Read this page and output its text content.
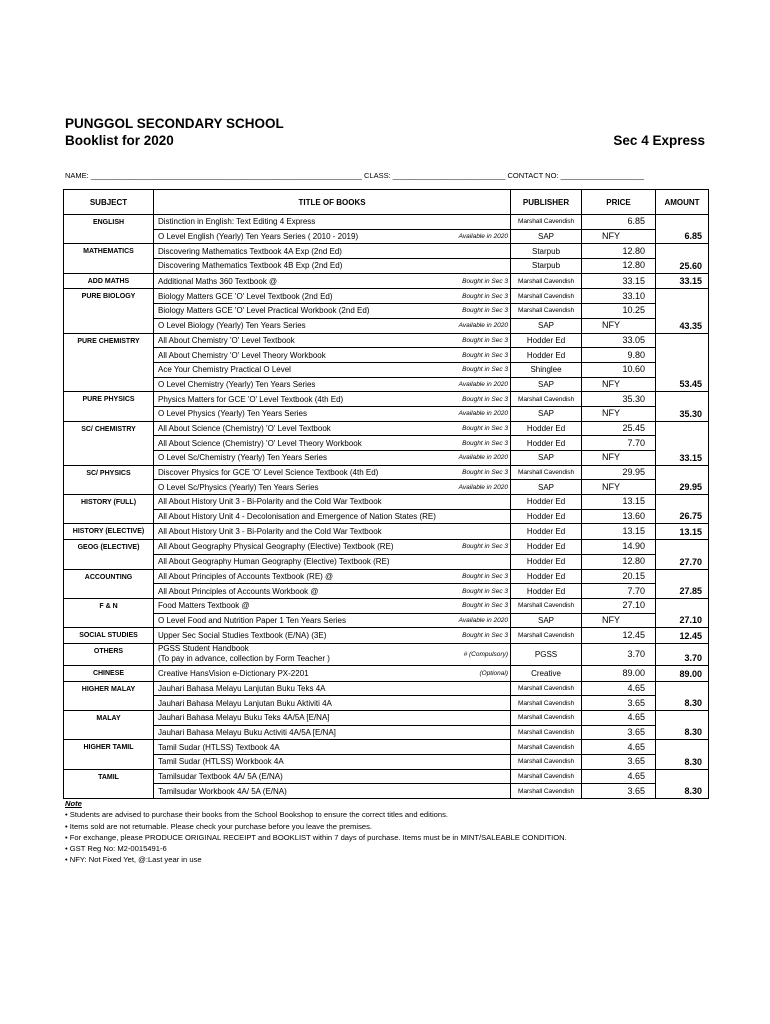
PUNGGOL SECONDARY SCHOOL
Booklist for 2020	Sec 4 Express
NAME: _________________________________________________________________ CLASS: ___________________________ CONTACT NO: ____________________
SUBJECT	TITLE OF BOOKS		PUBLISHER	PRICE	AMOUNT
ENGLISH	Distinction in English: Text Editing 4 Express		Marshall Cavendish	6.85	6.85
	O Level English (Yearly) Ten Years Series ( 2010 - 2019)	Available in 2020	SAP	NFY	

MATHEMATICS	Discovering Mathematics Textbook 4A Exp (2nd Ed)		Starpub	12.80	25.60
	Discovering Mathematics Textbook 4B Exp (2nd Ed)		Starpub	12.80	
ADD MATHS	Additional Maths 360 Textbook @	Bought in Sec 3	Marshall Cavendish	33.15	33.15
PURE BIOLOGY	Biology Matters GCE 'O' Level Textbook (2nd Ed)	Bought in Sec 3	Marshall Cavendish	33.10	43.35
	Biology Matters GCE 'O' Level Practical Workbook (2nd Ed)	Bought in Sec 3	Marshall Cavendish	10.25	
	O Level Biology (Yearly) Ten Years Series	Available in 2020	SAP	NFY	

PURE CHEMISTRY	All About Chemistry 'O' Level Textbook	Bought in Sec 3	Hodder Ed	33.05	53.45
	All About Chemistry 'O' Level Theory Workbook	Bought in Sec 3	Hodder Ed	9.80	
	Ace Your Chemistry Practical O Level	Bought in Sec 3	Shinglee	10.60	
	O Level Chemistry (Yearly) Ten Years Series	Available in 2020	SAP	NFY	

PURE PHYSICS	Physics Matters for GCE 'O' Level Textbook (4th Ed)	Bought in Sec 3	Marshall Cavendish	35.30	35.30
	O Level Physics (Yearly) Ten Years Series	Available in 2020	SAP	NFY	

SC/ CHEMISTRY	All About Science (Chemistry) 'O' Level Textbook	Bought in Sec 3	Hodder Ed	25.45	33.15
	All About Science (Chemistry) 'O' Level Theory Workbook	Bought in Sec 3	Hodder Ed	7.70	
	O Level Sc/Chemistry (Yearly) Ten Years Series	Available in 2020	SAP	NFY	

SC/ PHYSICS	Discover Physics for GCE 'O' Level Science Textbook (4th Ed)	Bought in Sec 3	Marshall Cavendish	29.95	29.95
	O Level Sc/Physics (Yearly) Ten Years Series	Available in 2020	SAP	NFY	

HISTORY (FULL)	All About History Unit 3 - Bi-Polarity and the Cold War Textbook		Hodder Ed	13.15	26.75
	All About History Unit 4 - Decolonisation and Emergence of Nation States (RE)		Hodder Ed	13.60	
HISTORY (ELECTIVE)	All About History Unit 3 - Bi-Polarity and the Cold War Textbook		Hodder Ed	13.15	13.15
GEOG (ELECTIVE)	All About Geography Physical Geography (Elective) Textbook (RE)	Bought in Sec 3	Hodder Ed	14.90	27.70
	All About Geography Human Geography (Elective) Textbook (RE)		Hodder Ed	12.80	
ACCOUNTING	All About Principles of Accounts Textbook (RE) @	Bought in Sec 3	Hodder Ed	20.15	27.85
	All About Principles of Accounts Workbook @	Bought in Sec 3	Hodder Ed	7.70	
F & N	Food Matters Textbook @	Bought in Sec 3	Marshall Cavendish	27.10	27.10
	O Level Food and Nutrition Paper 1 Ten Years Series	Available in 2020	SAP	NFY	

SOCIAL STUDIES	Upper Sec Social Studies Textbook (E/NA) (3E)	Bought in Sec 3	Marshall Cavendish	12.45	12.45
OTHERS	PGSS Student Handbook
(To pay in advance, collection by Form Teacher )	# (Compulsory)	PGSS	3.70	3.70
CHINESE	Creative HansVision e-Dictionary PX-2201	(Optional)	Creative	89.00	89.00
HIGHER MALAY	Jauhari Bahasa Melayu Lanjutan Buku Teks 4A		Marshall Cavendish	4.65	8.30
	Jauhari Bahasa Melayu Lanjutan Buku Aktiviti 4A		Marshall Cavendish	3.65	
MALAY	Jauhari Bahasa Melayu Buku Teks 4A/5A [E/NA]		Marshall Cavendish	4.65	8.30
	Jauhari Bahasa Melayu Buku Activiti 4A/5A [E/NA]		Marshall Cavendish	3.65	
HIGHER TAMIL	Tamil Sudar (HTLSS) Textbook 4A		Marshall Cavendish	4.65	8.30
	Tamil Sudar (HTLSS) Workbook 4A		Marshall Cavendish	3.65	
TAMIL	Tamilsudar Textbook 4A/ 5A (E/NA)		Marshall Cavendish	4.65	8.30
	Tamilsudar Workbook 4A/ 5A (E/NA)		Marshall Cavendish	3.65	
Note
• Students are advised to purchase their books from the School Bookshop to ensure the correct titles and editions.
• Items sold are not returnable. Please check your purchase before you leave the premises.
• For exchange, please PRODUCE ORIGINAL RECEIPT and BOOKLIST within 7 days of purchase. Items must be in MINT/SALEABLE CONDITION.
• GST Reg No: M2-0015491-6
• NFY: Not Fixed Yet, @:Last year in use
